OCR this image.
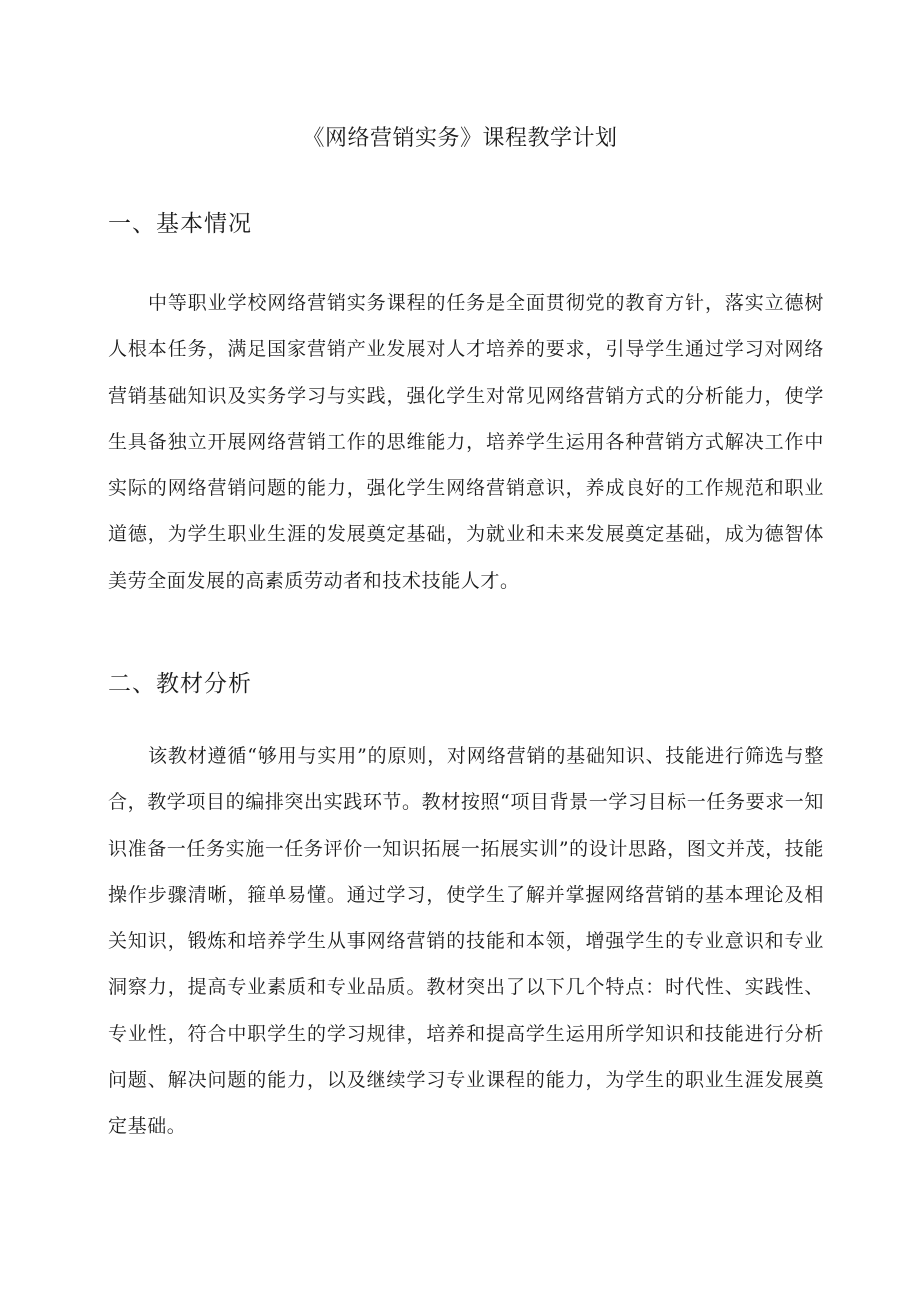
《网络营销实务》课程教学计划
一、基本情况

中等职业学校网络营销实务课程的任务是全面贯彻党的教育方针，落实立德树人根本任务，满足国家营销产业发展对人才培养的要求，引导学生通过学习对网络营销基础知识及实务学习与实践，强化学生对常见网络营销方式的分析能力，使学生具备独立开展网络营销工作的思维能力，培养学生运用各种营销方式解决工作中实际的网络营销问题的能力，强化学生网络营销意识，养成良好的工作规范和职业道德，为学生职业生涯的发展奠定基础，为就业和未来发展奠定基础，成为德智体美劳全面发展的高素质劳动者和技术技能人才。

二、教材分析

该教材遵循“够用与实用”的原则，对网络营销的基础知识、技能进行筛选与整合，教学项目的编排突出实践环节。教材按照“项目背景一学习目标一任务要求一知识准备一任务实施一任务评价一知识拓展一拓展实训”的设计思路，图文并茂，技能操作步骤清晰，箍单易懂。通过学习，使学生了解并掌握网络营销的基本理论及相关知识，锻炼和培养学生从事网络营销的技能和本领，增强学生的专业意识和专业洞察力，提高专业素质和专业品质。教材突出了以下几个特点：时代性、实践性、专业性，符合中职学生的学习规律，培养和提高学生运用所学知识和技能进行分析问题、解决问题的能力，以及继续学习专业课程的能力，为学生的职业生涯发展奠定基础。
